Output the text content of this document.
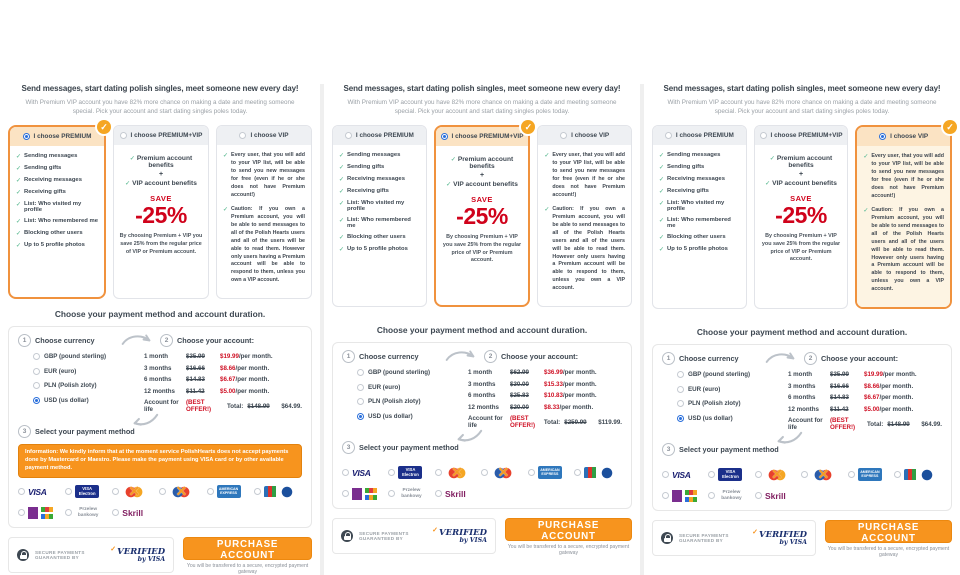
Send messages, start dating polish singles, meet someone new every day!

With Premium VIP account you have 82% more chance on making a date and meeting someone special. Pick your account and start dating singles poles today.

✓
I choose PREMIUM
✓ Sending messages
✓ Sending gifts
✓ Receiving messages
✓ Receiving gifts
✓ List: Who visited my profile
✓ List: Who remembered me
✓ Blocking other users
✓ Up to 5 profile photos
I choose PREMIUM+VIP
✓ Premium account benefits
+
✓ VIP account benefits
SAVE
-25%
By choosing Premium + VIP you save 25% from the regular price of VIP or Premium account.
I choose VIP
✓ Every user, that you will add to your VIP list, will be able to send you new messages for free (even if he or she does not have Premium account!)

✓ Caution: If you own a Premium account, you will be able to send messages to all of the Polish Hearts users and all of the users will be able to read them. However only users having a Premium account will be able to respond to them, unless you own a VIP account.

Choose your payment method and account duration.
1	Choose currency	2	Choose your account:
GBP (pound sterling)
EUR (euro)
PLN (Polish zloty)
USD (us dollar)
1 month	$35.99	$19.99 /per month.
3 months	$16.66	$8.66 /per month.
6 months	$14.83	$6.67 /per month.
12 months	$11.42	$5.00 /per month.
Account for life
(BEST OFFER!)	Total: $148.99	$64.99.
3	Select your payment method
Information: We kindly inform that at the moment service PolishHearts does not accept payments done by Mastercard or Maestro. Please make the payment using VISA card or by other available payment method.
VISA	VISA Electron
✕
✕
AMERICAN EXPRESS
Przelew bankowy	Skrill
SECURE PAYMENTS
GUARANTEED BY
✓ VERIFIED
by VISA
PURCHASE ACCOUNT
You will be transfered to a secure, encrypted payment gateway
Send messages, start dating polish singles, meet someone new every day!

With Premium VIP account you have 82% more chance on making a date and meeting someone special. Pick your account and start dating singles poles today.

I choose PREMIUM
✓ Sending messages
✓ Sending gifts
✓ Receiving messages
✓ Receiving gifts
✓ List: Who visited my profile
✓ List: Who remembered me
✓ Blocking other users
✓ Up to 5 profile photos
✓
I choose PREMIUM+VIP
✓ Premium account benefits
+
✓ VIP account benefits
SAVE
-25%
By choosing Premium + VIP you save 25% from the regular price of VIP or Premium account.
I choose VIP
✓ Every user, that you will add to your VIP list, will be able to send you new messages for free (even if he or she does not have Premium account!)

✓ Caution: If you own a Premium account, you will be able to send messages to all of the Polish Hearts users and all of the users will be able to read them. However only users having a Premium account will be able to respond to them, unless you own a VIP account.

Choose your payment method and account duration.
1	Choose currency	2	Choose your account:
GBP (pound sterling)
EUR (euro)
PLN (Polish zloty)
USD (us dollar)
1 month	$62.99	$36.99 /per month.
3 months	$30.00	$15.33 /per month.
6 months	$25.83	$10.83 /per month.
12 months	$20.00	$8.33 /per month.
Account for life
(BEST OFFER!)	Total: $259.99	$119.99.
3	Select your payment method
VISA	VISA Electron
✕
✕
AMERICAN EXPRESS
Przelew bankowy	Skrill
SECURE PAYMENTS
GUARANTEED BY
✓ VERIFIED
by VISA
PURCHASE ACCOUNT
You will be transfered to a secure, encrypted payment gateway
Send messages, start dating polish singles, meet someone new every day!

With Premium VIP account you have 82% more chance on making a date and meeting someone special. Pick your account and start dating singles poles today.

I choose PREMIUM
✓ Sending messages
✓ Sending gifts
✓ Receiving messages
✓ Receiving gifts
✓ List: Who visited my profile
✓ List: Who remembered me
✓ Blocking other users
✓ Up to 5 profile photos
I choose PREMIUM+VIP
✓ Premium account benefits
+
✓ VIP account benefits
SAVE
-25%
By choosing Premium + VIP you save 25% from the regular price of VIP or Premium account.
✓
I choose VIP
✓ Every user, that you will add to your VIP list, will be able to send you new messages for free (even if he or she does not have Premium account!)

✓ Caution: If you own a Premium account, you will be able to send messages to all of the Polish Hearts users and all of the users will be able to read them. However only users having a Premium account will be able to respond to them, unless you own a VIP account.

Choose your payment method and account duration.
1	Choose currency	2	Choose your account:
GBP (pound sterling)
EUR (euro)
PLN (Polish zloty)
USD (us dollar)
1 month	$35.99	$19.99 /per month.
3 months	$16.66	$8.66 /per month.
6 months	$14.83	$6.67 /per month.
12 months	$11.42	$5.00 /per month.
Account for life
(BEST OFFER!)	Total: $148.99	$64.99.
3	Select your payment method
VISA	VISA Electron
✕
✕
AMERICAN EXPRESS
Przelew bankowy	Skrill
SECURE PAYMENTS
GUARANTEED BY
✓ VERIFIED
by VISA
PURCHASE ACCOUNT
You will be transfered to a secure, encrypted payment gateway
